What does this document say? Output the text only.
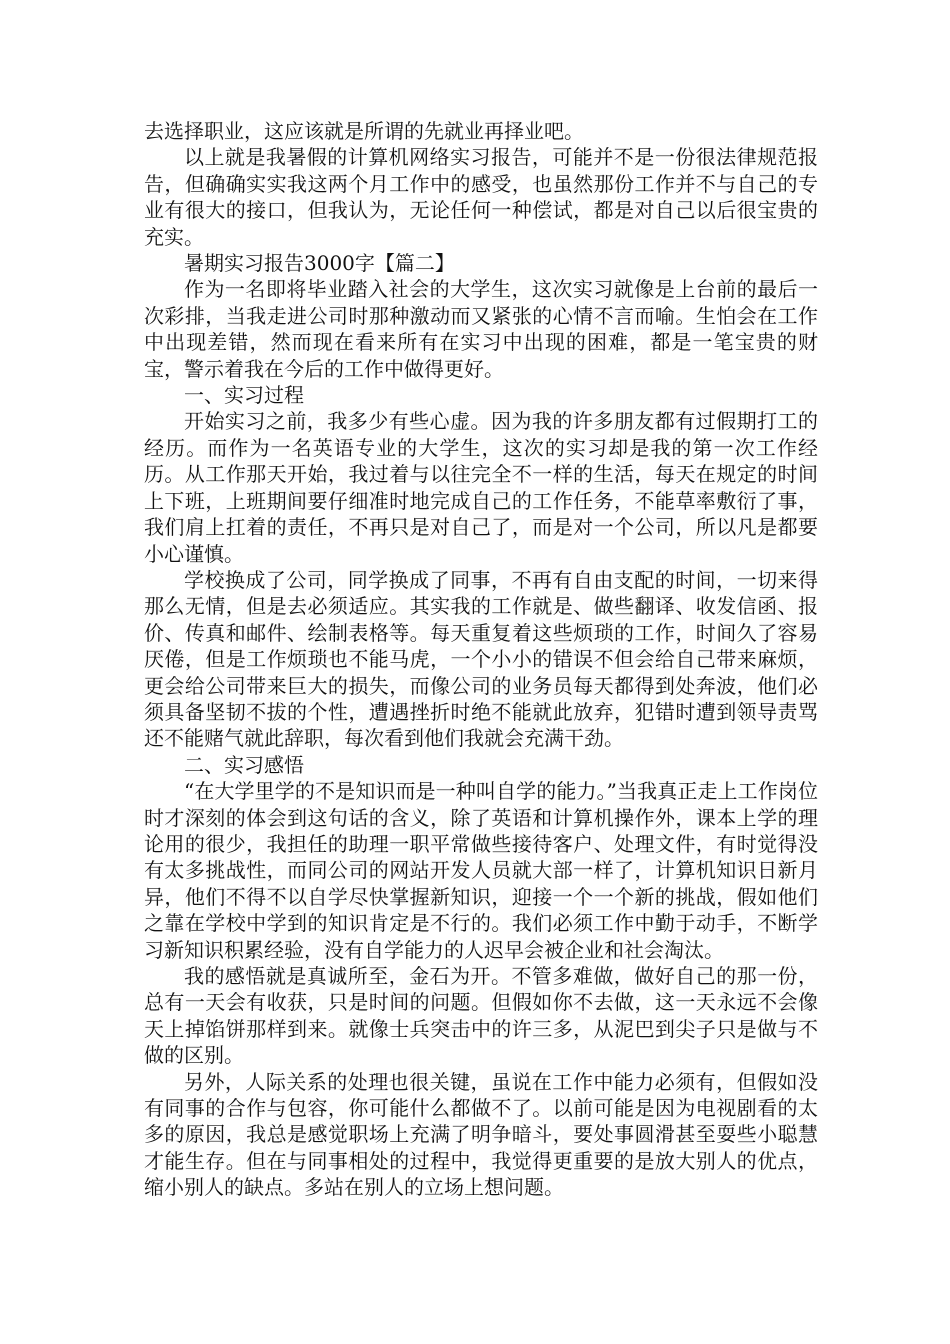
去选择职业，这应该就是所谓的先就业再择业吧。

以上就是我暑假的计算机网络实习报告，可能并不是一份很法律规范报告，但确确实实我这两个月工作中的感受，也虽然那份工作并不与自己的专业有很大的接口，但我认为，无论任何一种偿试，都是对自己以后很宝贵的充实。

暑期实习报告3000字【篇二】

作为一名即将毕业踏入社会的大学生，这次实习就像是上台前的最后一次彩排，当我走进公司时那种激动而又紧张的心情不言而喻。生怕会在工作中出现差错，然而现在看来所有在实习中出现的困难，都是一笔宝贵的财宝，警示着我在今后的工作中做得更好。

一、实习过程

开始实习之前，我多少有些心虚。因为我的许多朋友都有过假期打工的经历。而作为一名英语专业的大学生，这次的实习却是我的第一次工作经历。从工作那天开始，我过着与以往完全不一样的生活，每天在规定的时间上下班，上班期间要仔细准时地完成自己的工作任务，不能草率敷衍了事，我们肩上扛着的责任，不再只是对自己了，而是对一个公司，所以凡是都要小心谨慎。

学校换成了公司，同学换成了同事，不再有自由支配的时间，一切来得那么无情，但是去必须适应。其实我的工作就是、做些翻译、收发信函、报价、传真和邮件、绘制表格等。每天重复着这些烦琐的工作，时间久了容易厌倦，但是工作烦琐也不能马虎，一个小小的错误不但会给自己带来麻烦，更会给公司带来巨大的损失，而像公司的业务员每天都得到处奔波，他们必须具备坚韧不拔的个性，遭遇挫折时绝不能就此放弃，犯错时遭到领导责骂还不能赌气就此辞职，每次看到他们我就会充满干劲。

二、实习感悟

“在大学里学的不是知识而是一种叫自学的能力。”当我真正走上工作岗位时才深刻的体会到这句话的含义，除了英语和计算机操作外，课本上学的理论用的很少，我担任的助理一职平常做些接待客户、处理文件，有时觉得没有太多挑战性，而同公司的网站开发人员就大部一样了，计算机知识日新月异，他们不得不以自学尽快掌握新知识，迎接一个一个新的挑战，假如他们之靠在学校中学到的知识肯定是不行的。我们必须工作中勤于动手，不断学习新知识积累经验，没有自学能力的人迟早会被企业和社会淘汰。

我的感悟就是真诚所至，金石为开。不管多难做，做好自己的那一份，总有一天会有收获，只是时间的问题。但假如你不去做，这一天永远不会像天上掉馅饼那样到来。就像士兵突击中的许三多，从泥巴到尖子只是做与不做的区别。

另外，人际关系的处理也很关键，虽说在工作中能力必须有，但假如没有同事的合作与包容，你可能什么都做不了。以前可能是因为电视剧看的太多的原因，我总是感觉职场上充满了明争暗斗，要处事圆滑甚至耍些小聪慧才能生存。但在与同事相处的过程中，我觉得更重要的是放大别人的优点，缩小别人的缺点。多站在别人的立场上想问题。
